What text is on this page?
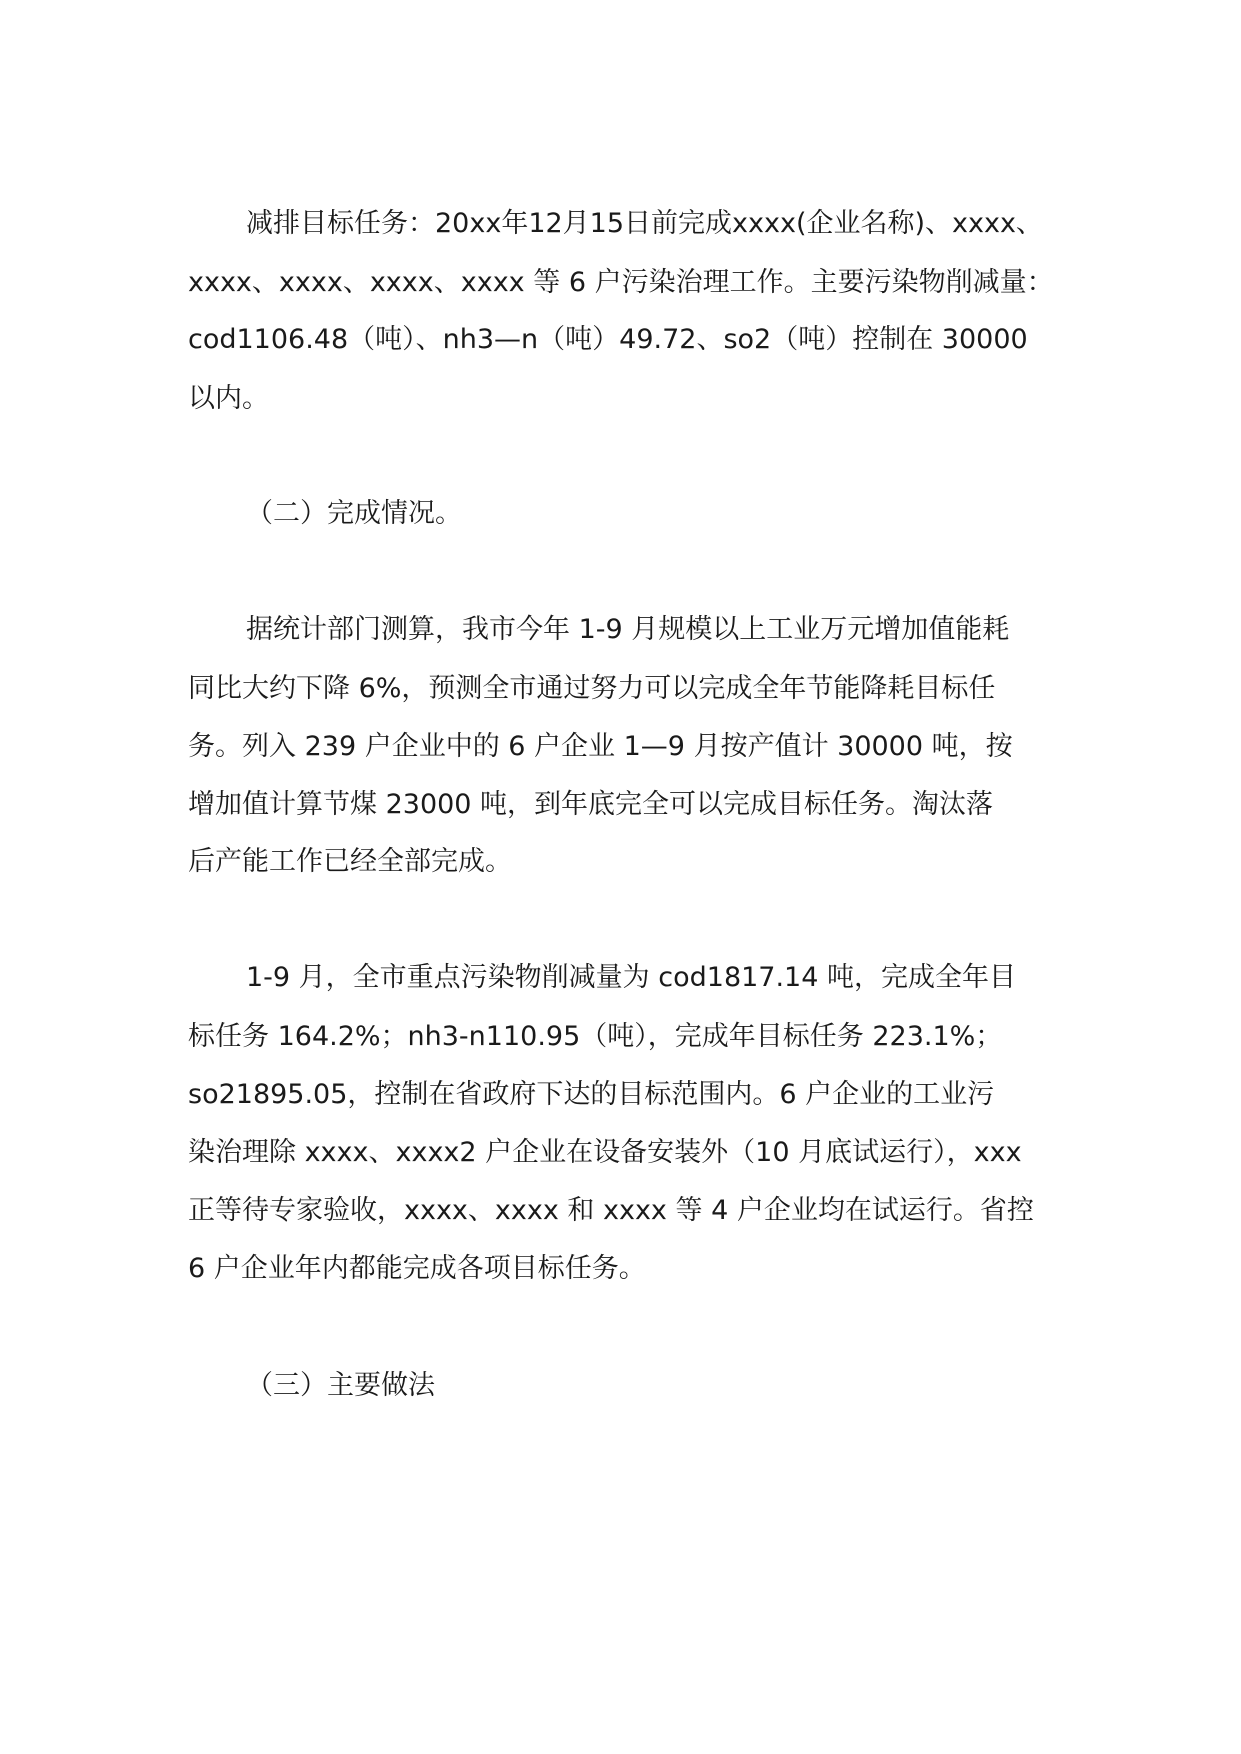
减排目标任务：20xx年12月15日前完成xxxx(企业名称)、xxxx、
xxxx、xxxx、xxxx、xxxx 等 6 户污染治理工作。主要污染物削减量：
cod1106.48（吨）、nh3—n（吨）49.72、so2（吨）控制在 30000
以内。
（二）完成情况。
据统计部门测算，我市今年 1-9 月规模以上工业万元增加值能耗
同比大约下降 6%，预测全市通过努力可以完成全年节能降耗目标任
务。列入 239 户企业中的 6 户企业 1—9 月按产值计 30000 吨，按
增加值计算节煤 23000 吨，到年底完全可以完成目标任务。淘汰落
后产能工作已经全部完成。
1-9 月，全市重点污染物削减量为 cod1817.14 吨，完成全年目
标任务 164.2%；nh3-n110.95（吨），完成年目标任务 223.1%；
so21895.05，控制在省政府下达的目标范围内。6 户企业的工业污
染治理除 xxxx、xxxx2 户企业在设备安装外（10 月底试运行），xxx
正等待专家验收，xxxx、xxxx 和 xxxx 等 4 户企业均在试运行。省控
6 户企业年内都能完成各项目标任务。
（三）主要做法
